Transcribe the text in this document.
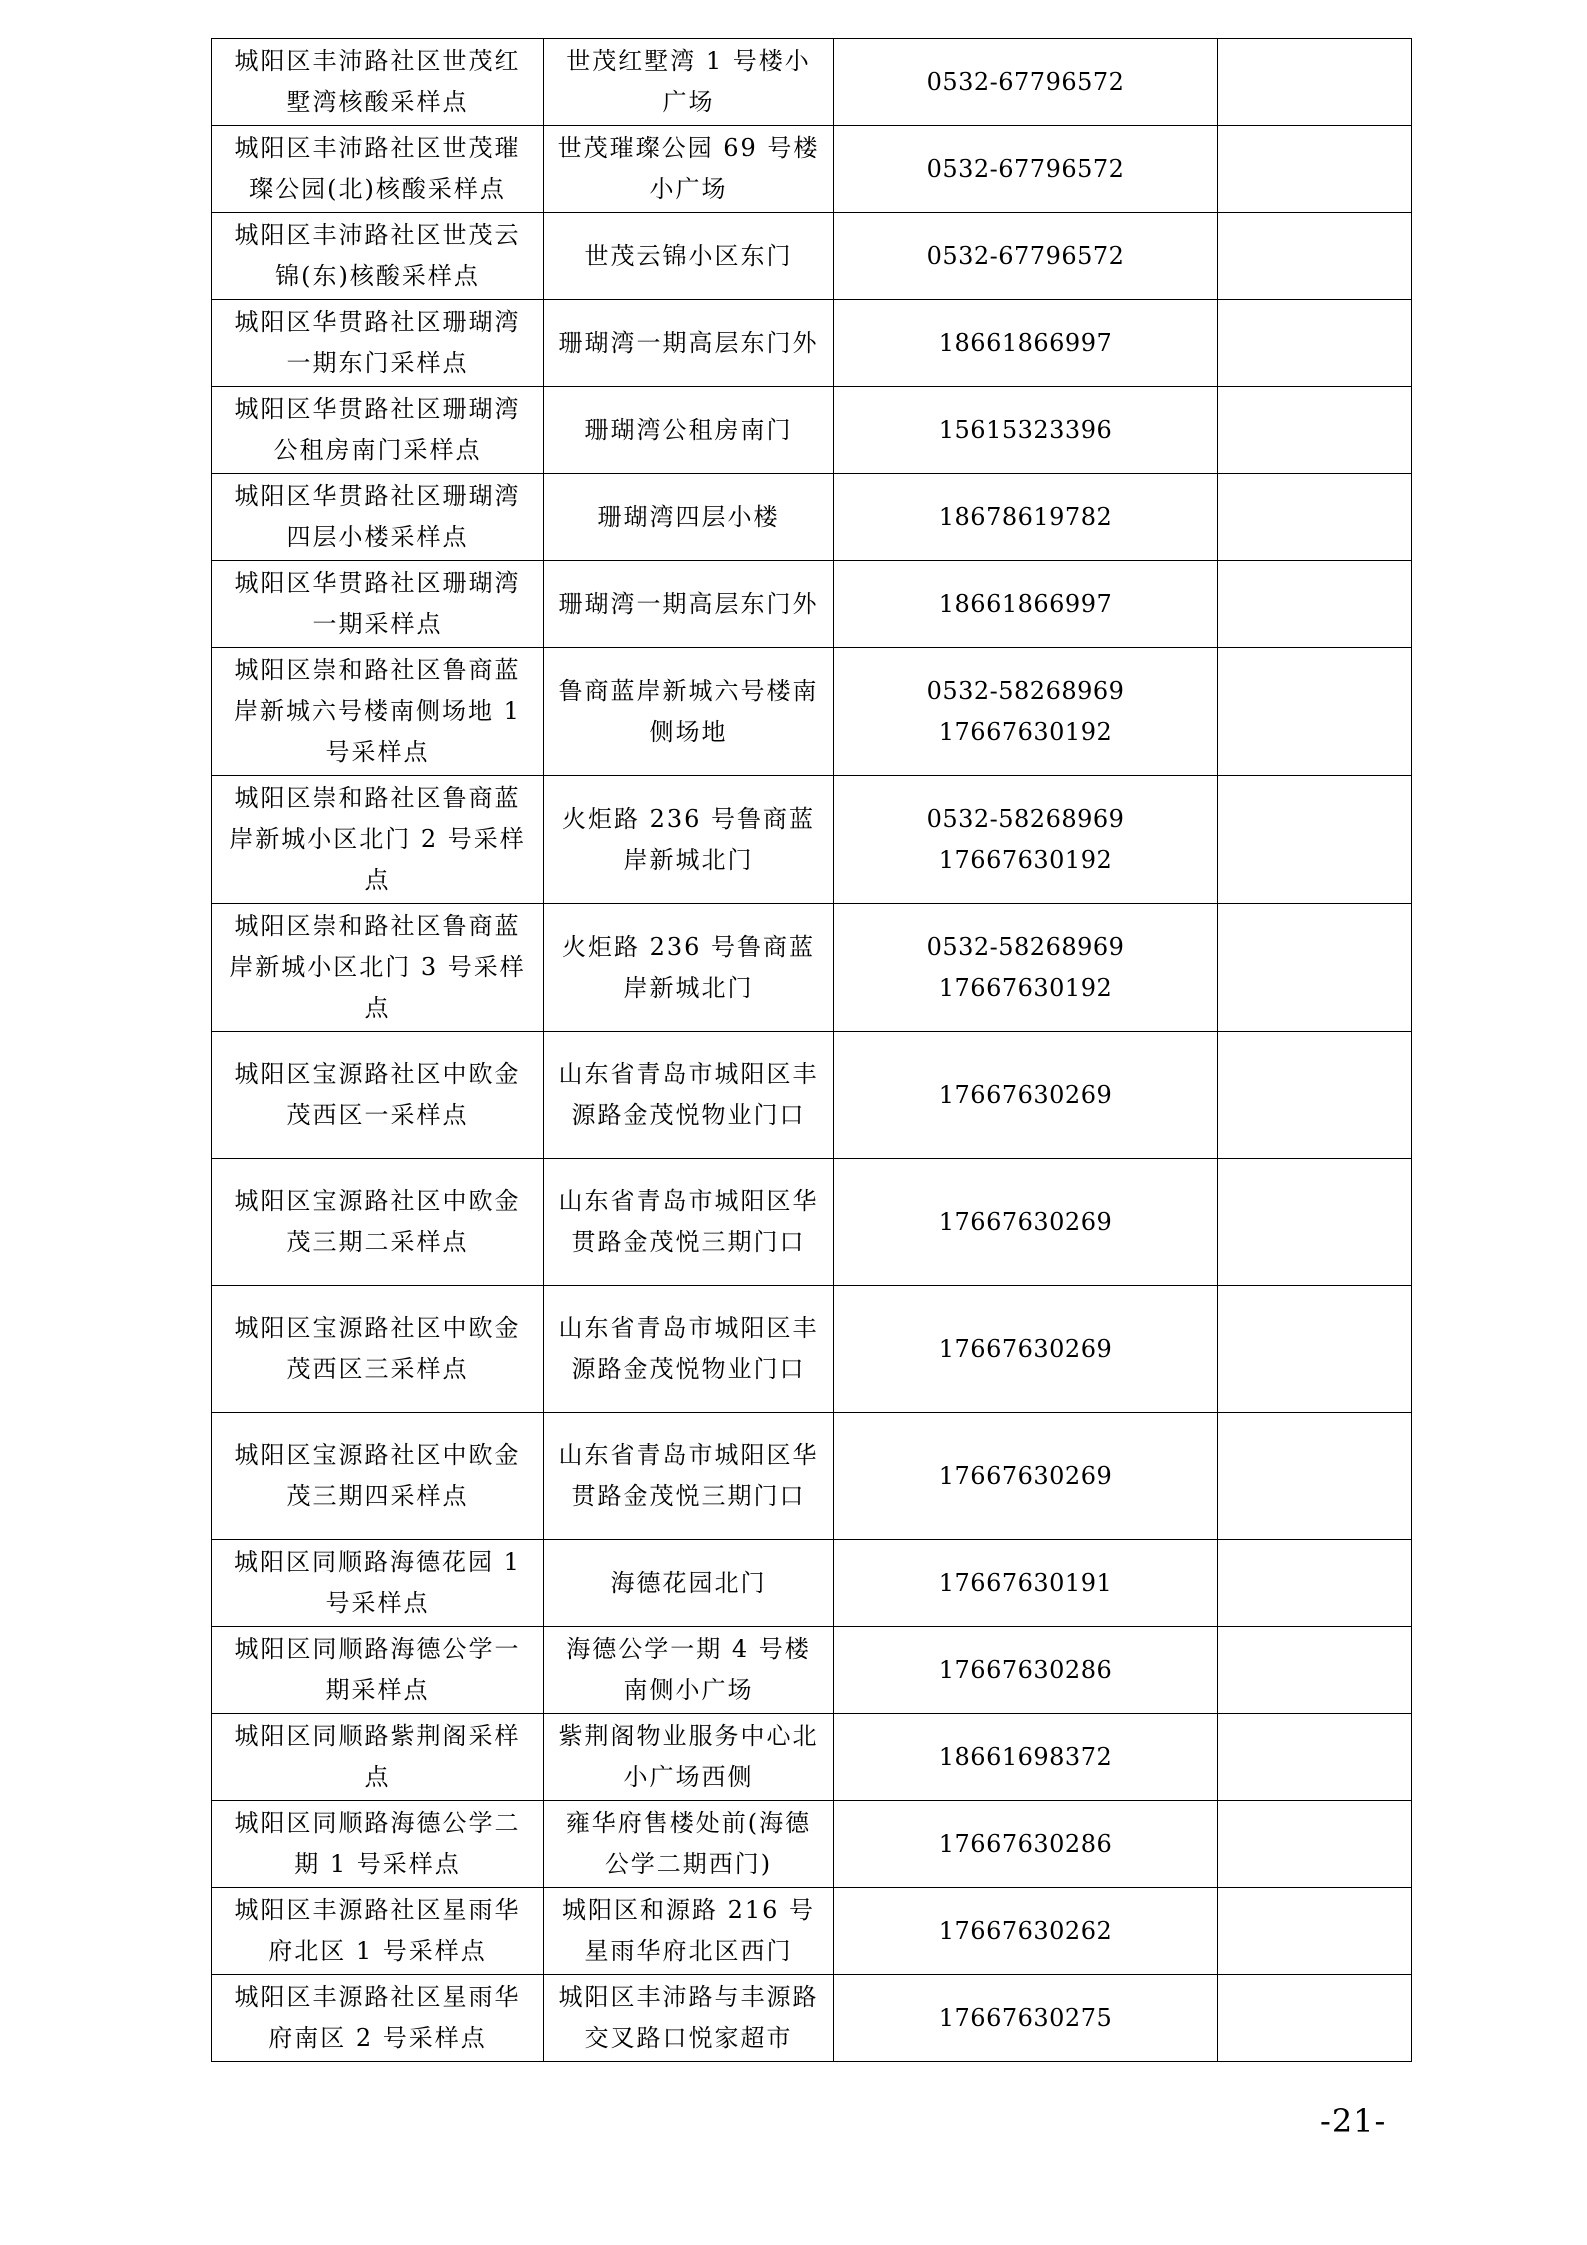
城阳区丰沛路社区世茂红墅湾核酸采样点	世茂红墅湾 1 号楼小广场	0532-67796572	

城阳区丰沛路社区世茂璀璨公园(北)核酸采样点	世茂璀璨公园 69 号楼小广场	0532-67796572	

城阳区丰沛路社区世茂云锦(东)核酸采样点	世茂云锦小区东门	0532-67796572	

城阳区华贯路社区珊瑚湾一期东门采样点	珊瑚湾一期高层东门外	18661866997	

城阳区华贯路社区珊瑚湾公租房南门采样点	珊瑚湾公租房南门	15615323396	

城阳区华贯路社区珊瑚湾四层小楼采样点	珊瑚湾四层小楼	18678619782	

城阳区华贯路社区珊瑚湾一期采样点	珊瑚湾一期高层东门外	18661866997	

城阳区崇和路社区鲁商蓝岸新城六号楼南侧场地 1 号采样点	鲁商蓝岸新城六号楼南侧场地	0532-58268969
17667630192	

城阳区崇和路社区鲁商蓝岸新城小区北门 2 号采样点	火炬路 236 号鲁商蓝岸新城北门	0532-58268969
17667630192	

城阳区崇和路社区鲁商蓝岸新城小区北门 3 号采样点	火炬路 236 号鲁商蓝岸新城北门	0532-58268969
17667630192	

城阳区宝源路社区中欧金茂西区一采样点	山东省青岛市城阳区丰源路金茂悦物业门口	17667630269	

城阳区宝源路社区中欧金茂三期二采样点	山东省青岛市城阳区华贯路金茂悦三期门口	17667630269	

城阳区宝源路社区中欧金茂西区三采样点	山东省青岛市城阳区丰源路金茂悦物业门口	17667630269	

城阳区宝源路社区中欧金茂三期四采样点	山东省青岛市城阳区华贯路金茂悦三期门口	17667630269	

城阳区同顺路海德花园 1 号采样点	海德花园北门	17667630191	

城阳区同顺路海德公学一期采样点	海德公学一期 4 号楼南侧小广场	17667630286	

城阳区同顺路紫荆阁采样点	紫荆阁物业服务中心北小广场西侧	18661698372	

城阳区同顺路海德公学二期 1 号采样点	雍华府售楼处前(海德公学二期西门)	17667630286	

城阳区丰源路社区星雨华府北区 1 号采样点	城阳区和源路 216 号星雨华府北区西门	17667630262	

城阳区丰源路社区星雨华府南区 2 号采样点	城阳区丰沛路与丰源路交叉路口悦家超市	17667630275	

-21-
